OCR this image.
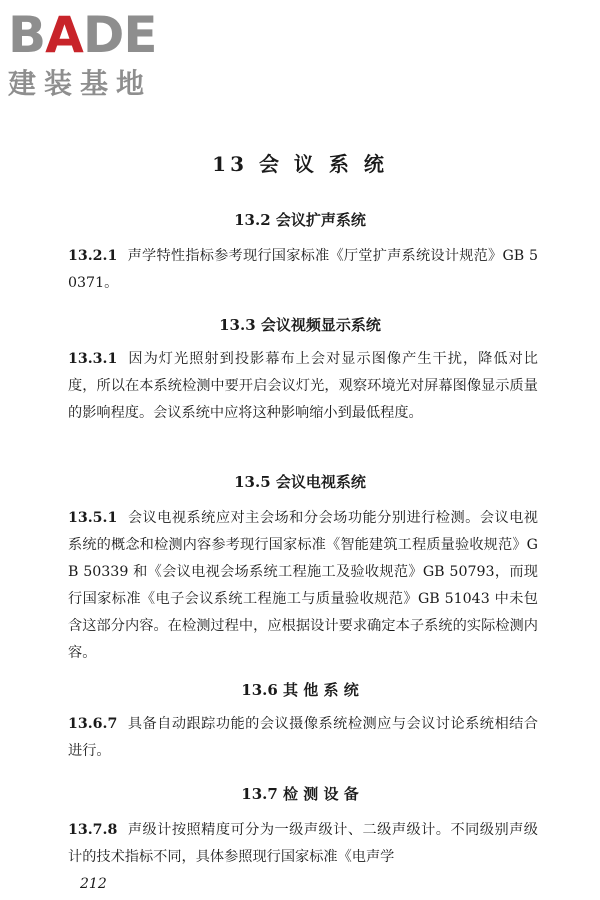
BADE
建装基地
13 会 议 系 统
13.2 会议扩声系统
13.2.1 声学特性指标参考现行国家标准《厅堂扩声系统设计规范》GB 50371。
13.3 会议视频显示系统
13.3.1 因为灯光照射到投影幕布上会对显示图像产生干扰，降低对比度，所以在本系统检测中要开启会议灯光，观察环境光对屏幕图像显示质量的影响程度。会议系统中应将这种影响缩小到最低程度。
13.5 会议电视系统
13.5.1 会议电视系统应对主会场和分会场功能分别进行检测。会议电视系统的概念和检测内容参考现行国家标准《智能建筑工程质量验收规范》GB 50339 和《会议电视会场系统工程施工及验收规范》GB 50793，而现行国家标准《电子会议系统工程施工与质量验收规范》GB 51043 中未包含这部分内容。在检测过程中，应根据设计要求确定本子系统的实际检测内容。
13.6 其 他 系 统
13.6.7 具备自动跟踪功能的会议摄像系统检测应与会议讨论系统相结合进行。
13.7 检 测 设 备
13.7.8 声级计按照精度可分为一级声级计、二级声级计。不同级别声级计的技术指标不同，具体参照现行国家标准《电声学
212
